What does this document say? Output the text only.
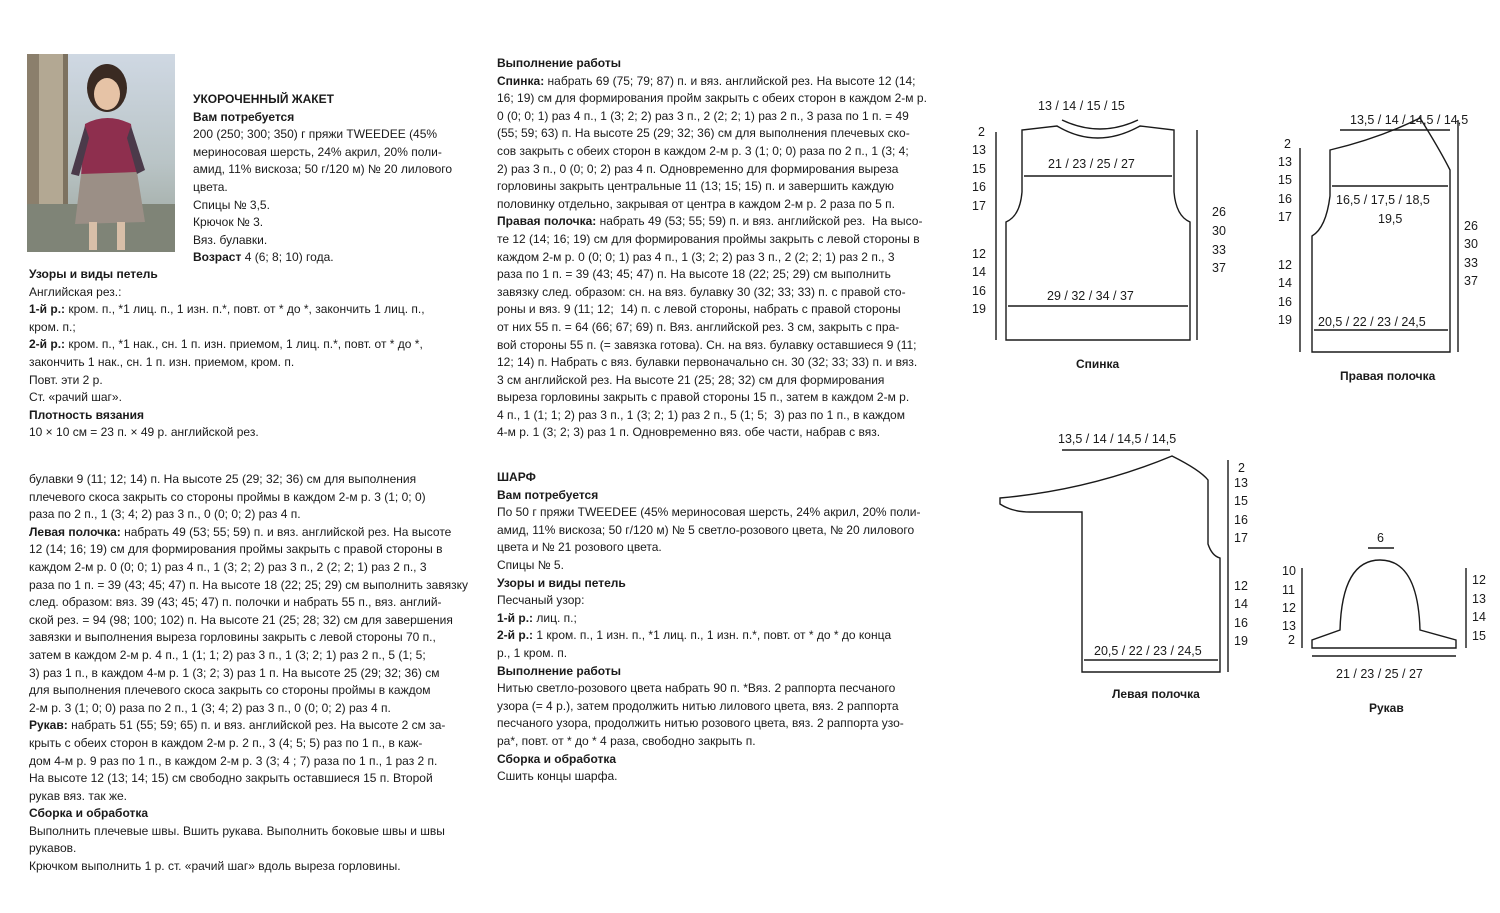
УКОРОЧЕННЫЙ ЖАКЕТ

Вам потребуется

200 (250; 300; 350) г пряжи TWEEDEE (45%

мериносовая шерсть, 24% акрил, 20% поли-

амид, 11% вискоза; 50 г/120 м) № 20 лилового

цвета.

Спицы № 3,5.

Крючок № 3.

Вяз. булавки.

Возраст 4 (6; 8; 10) года.

Узоры и виды петель

Английская рез.:

1-й р.: кром. п., *1 лиц. п., 1 изн. п.*, повт. от * до *, закончить 1 лиц. п.,

кром. п.;

2-й р.: кром. п., *1 нак., сн. 1 п. изн. приемом, 1 лиц. п.*, повт. от * до *,

закончить 1 нак., сн. 1 п. изн. приемом, кром. п.

Повт. эти 2 р.

Ст. «рачий шаг».

Плотность вязания

10 × 10 см = 23 п. × 49 р. английской рез.

булавки 9 (11; 12; 14) п. На высоте 25 (29; 32; 36) см для выполнения

плечевого скоса закрыть со стороны проймы в каждом 2-м р. 3 (1; 0; 0)

раза по 2 п., 1 (3; 4; 2) раз 3 п., 0 (0; 0; 2) раз 4 п.

Левая полочка: набрать 49 (53; 55; 59) п. и вяз. английской рез. На высоте

12 (14; 16; 19) см для формирования проймы закрыть с правой стороны в

каждом 2-м р. 0 (0; 0; 1) раз 4 п., 1 (3; 2; 2) раз 3 п., 2 (2; 2; 1) раз 2 п., 3

раза по 1 п. = 39 (43; 45; 47) п. На высоте 18 (22; 25; 29) см выполнить завязку

след. образом: вяз. 39 (43; 45; 47) п. полочки и набрать 55 п., вяз. англий-

ской рез. = 94 (98; 100; 102) п. На высоте 21 (25; 28; 32) см для завершения

завязки и выполнения выреза горловины закрыть с левой стороны 70 п.,

затем в каждом 2-м р. 4 п., 1 (1; 1; 2) раз 3 п., 1 (3; 2; 1) раз 2 п., 5 (1; 5;

3) раз 1 п., в каждом 4-м р. 1 (3; 2; 3) раз 1 п. На высоте 25 (29; 32; 36) см

для выполнения плечевого скоса закрыть со стороны проймы в каждом

2-м р. 3 (1; 0; 0) раза по 2 п., 1 (3; 4; 2) раз 3 п., 0 (0; 0; 2) раз 4 п.

Рукав: набрать 51 (55; 59; 65) п. и вяз. английской рез. На высоте 2 см за-

крыть с обеих сторон в каждом 2-м р. 2 п., 3 (4; 5; 5) раз по 1 п., в каж-

дом 4-м р. 9 раз по 1 п., в каждом 2-м р. 3 (3; 4 ; 7) раза по 1 п., 1 раз 2 п.

На высоте 12 (13; 14; 15) см свободно закрыть оставшиеся 15 п. Второй

рукав вяз. так же.

Сборка и обработка

Выполнить плечевые швы. Вшить рукава. Выполнить боковые швы и швы

рукавов.

Крючком выполнить 1 р. ст. «рачий шаг» вдоль выреза горловины.

Выполнение работы

Спинка: набрать 69 (75; 79; 87) п. и вяз. английской рез. На высоте 12 (14;

16; 19) см для формирования пройм закрыть с обеих сторон в каждом 2-м р.

0 (0; 0; 1) раз 4 п., 1 (3; 2; 2) раз 3 п., 2 (2; 2; 1) раз 2 п., 3 раза по 1 п. = 49

(55; 59; 63) п. На высоте 25 (29; 32; 36) см для выполнения плечевых ско-

сов закрыть с обеих сторон в каждом 2-м р. 3 (1; 0; 0) раза по 2 п., 1 (3; 4;

2) раз 3 п., 0 (0; 0; 2) раз 4 п. Одновременно для формирования выреза

горловины закрыть центральные 11 (13; 15; 15) п. и завершить каждую

половинку отдельно, закрывая от центра в каждом 2-м р. 2 раза по 5 п.

Правая полочка: набрать 49 (53; 55; 59) п. и вяз. английской рез.  На высо-

те 12 (14; 16; 19) см для формирования проймы закрыть с левой стороны в

каждом 2-м р. 0 (0; 0; 1) раз 4 п., 1 (3; 2; 2) раз 3 п., 2 (2; 2; 1) раз 2 п., 3

раза по 1 п. = 39 (43; 45; 47) п. На высоте 18 (22; 25; 29) см выполнить

завязку след. образом: сн. на вяз. булавку 30 (32; 33; 33) п. с правой сто-

роны и вяз. 9 (11; 12;  14) п. с левой стороны, набрать с правой стороны

от них 55 п. = 64 (66; 67; 69) п. Вяз. английской рез. 3 см, закрыть с пра-

вой стороны 55 п. (= завязка готова). Сн. на вяз. булавку оставшиеся 9 (11;

12; 14) п. Набрать с вяз. булавки первоначально сн. 30 (32; 33; 33) п. и вяз.

3 см английской рез. На высоте 21 (25; 28; 32) см для формирования

выреза горловины закрыть с правой стороны 15 п., затем в каждом 2-м р.

4 п., 1 (1; 1; 2) раз 3 п., 1 (3; 2; 1) раз 2 п., 5 (1; 5;  3) раз по 1 п., в каждом

4-м р. 1 (3; 2; 3) раз 1 п. Одновременно вяз. обе части, набрав с вяз.

ШАРФ

Вам потребуется

По 50 г пряжи TWEEDEE (45% мериносовая шерсть, 24% акрил, 20% поли-

амид, 11% вискоза; 50 г/120 м) № 5 светло-розового цвета, № 20 лилового

цвета и № 21 розового цвета.

Спицы № 5.

Узоры и виды петель

Песчаный узор:

1-й р.: лиц. п.;

2-й р.: 1 кром. п., 1 изн. п., *1 лиц. п., 1 изн. п.*, повт. от * до * до конца

р., 1 кром. п.

Выполнение работы

Нитью светло-розового цвета набрать 90 п. *Вяз. 2 раппорта песчаного

узора (= 4 р.), затем продолжить нитью лилового цвета, вяз. 2 раппорта

песчаного узора, продолжить нитью розового цвета, вяз. 2 раппорта узо-

ра*, повт. от * до * 4 раза, свободно закрыть п.

Сборка и обработка

Сшить концы шарфа.

13 / 14 / 15 / 15
21 / 23 / 25 / 27
29 / 32 / 34 / 37
2
13
15
16
17
12
14
16
19
26
30
33
37
Спинка
13,5 / 14 / 14,5 / 14,5
16,5 / 17,5 / 18,5
19,5
20,5 / 22 / 23 / 24,5
2
13
15
16
17
12
14
16
19
26
30
33
37
Правая полочка
13,5 / 14 / 14,5 / 14,5
20,5 / 22 / 23 / 24,5
2
13
15
16
17
12
14
16
19
Левая полочка
6
21 / 23 / 25 / 27
10
11
12
13
2
12
13
14
15
Рукав
